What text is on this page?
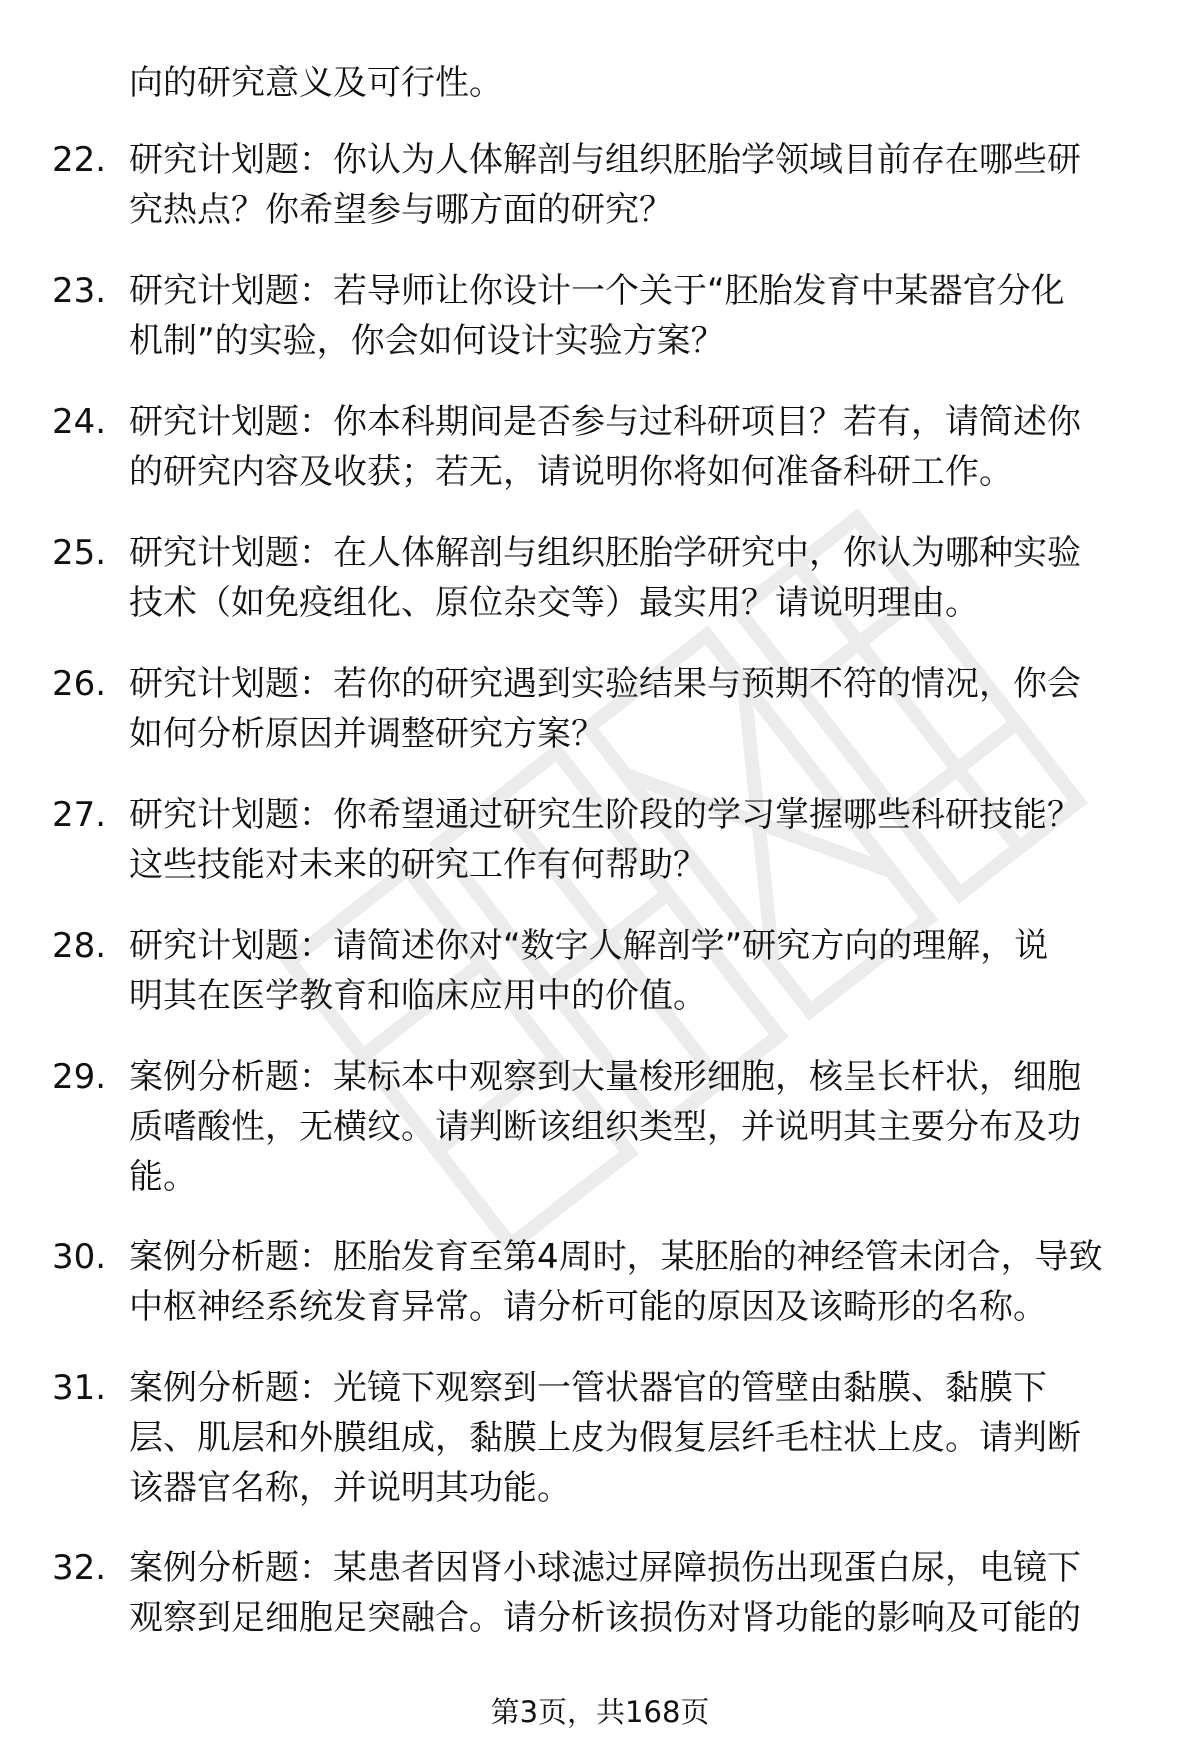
向的研究意义及可行性。
22. 研究计划题：你认为人体解剖与组织胚胎学领域目前存在哪些研
究热点？你希望参与哪方面的研究？
23. 研究计划题：若导师让你设计一个关于“胚胎发育中某器官分化
机制”的实验，你会如何设计实验方案？
24. 研究计划题：你本科期间是否参与过科研项目？若有，请简述你
的研究内容及收获；若无，请说明你将如何准备科研工作。
25. 研究计划题：在人体解剖与组织胚胎学研究中，你认为哪种实验
技术（如免疫组化、原位杂交等）最实用？请说明理由。
26. 研究计划题：若你的研究遇到实验结果与预期不符的情况，你会
如何分析原因并调整研究方案？
27. 研究计划题：你希望通过研究生阶段的学习掌握哪些科研技能？
这些技能对未来的研究工作有何帮助？
28. 研究计划题：请简述你对“数字人解剖学”研究方向的理解，说
明其在医学教育和临床应用中的价值。
29. 案例分析题：某标本中观察到大量梭形细胞，核呈长杆状，细胞
质嗜酸性，无横纹。请判断该组织类型，并说明其主要分布及功
能。
30. 案例分析题：胚胎发育至第4周时，某胚胎的神经管未闭合，导致
中枢神经系统发育异常。请分析可能的原因及该畸形的名称。
31. 案例分析题：光镜下观察到一管状器官的管壁由黏膜、黏膜下
层、肌层和外膜组成，黏膜上皮为假复层纤毛柱状上皮。请判断
该器官名称，并说明其功能。
32. 案例分析题：某患者因肾小球滤过屏障损伤出现蛋白尿，电镜下
观察到足细胞足突融合。请分析该损伤对肾功能的影响及可能的
第3页，共168页
